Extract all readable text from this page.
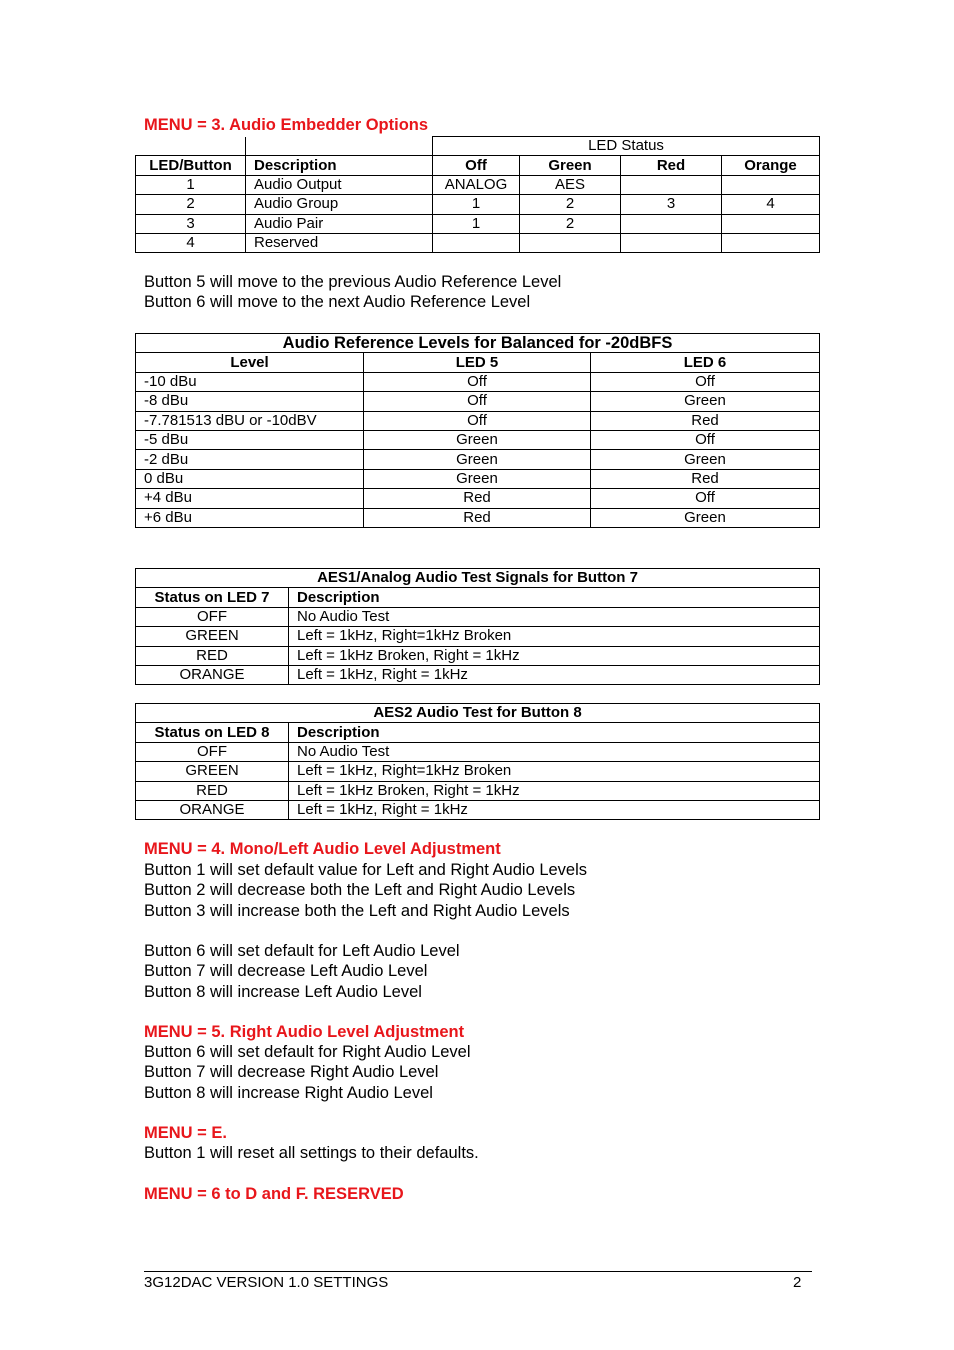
MENU = 3. Audio Embedder Options

		LED Status			
LED/Button	Description	Off	Green	Red	Orange
1	Audio Output	ANALOG	AES		
2	Audio Group	1	2	3	4
3	Audio Pair	1	2		
4	Reserved				
Button 5 will move to the previous Audio Reference Level
Button 6 will move to the next Audio Reference Level
Audio Reference Levels for Balanced for -20dBFS		
Level	LED 5	LED 6
-10 dBu	Off	Off
-8 dBu	Off	Green
-7.781513 dBU or -10dBV	Off	Red
-5 dBu	Green	Off
-2 dBu	Green	Green
0 dBu	Green	Red
+4 dBu	Red	Off
+6 dBu	Red	Green
AES1/Analog Audio Test Signals for Button 7	
Status on LED 7	Description
OFF	No Audio Test
GREEN	Left = 1kHz, Right=1kHz Broken
RED	Left = 1kHz Broken, Right = 1kHz
ORANGE	Left = 1kHz, Right = 1kHz
AES2 Audio Test for Button 8	
Status on LED 8	Description
OFF	No Audio Test
GREEN	Left = 1kHz, Right=1kHz Broken
RED	Left = 1kHz Broken, Right = 1kHz
ORANGE	Left = 1kHz, Right = 1kHz

MENU = 4. Mono/Left Audio Level Adjustment

Button 1 will set default value for Left and Right Audio Levels
Button 2 will decrease both the Left and Right Audio Levels
Button 3 will increase both the Left and Right Audio Levels
Button 6 will set default for Left Audio Level
Button 7 will decrease Left Audio Level
Button 8 will increase Left Audio Level

MENU = 5. Right Audio Level Adjustment

Button 6 will set default for Right Audio Level
Button 7 will decrease Right Audio Level
Button 8 will increase Right Audio Level

MENU = E.

Button 1 will reset all settings to their defaults.

MENU = 6 to D and F. RESERVED

3G12DAC VERSION 1.0 SETTINGS	2
